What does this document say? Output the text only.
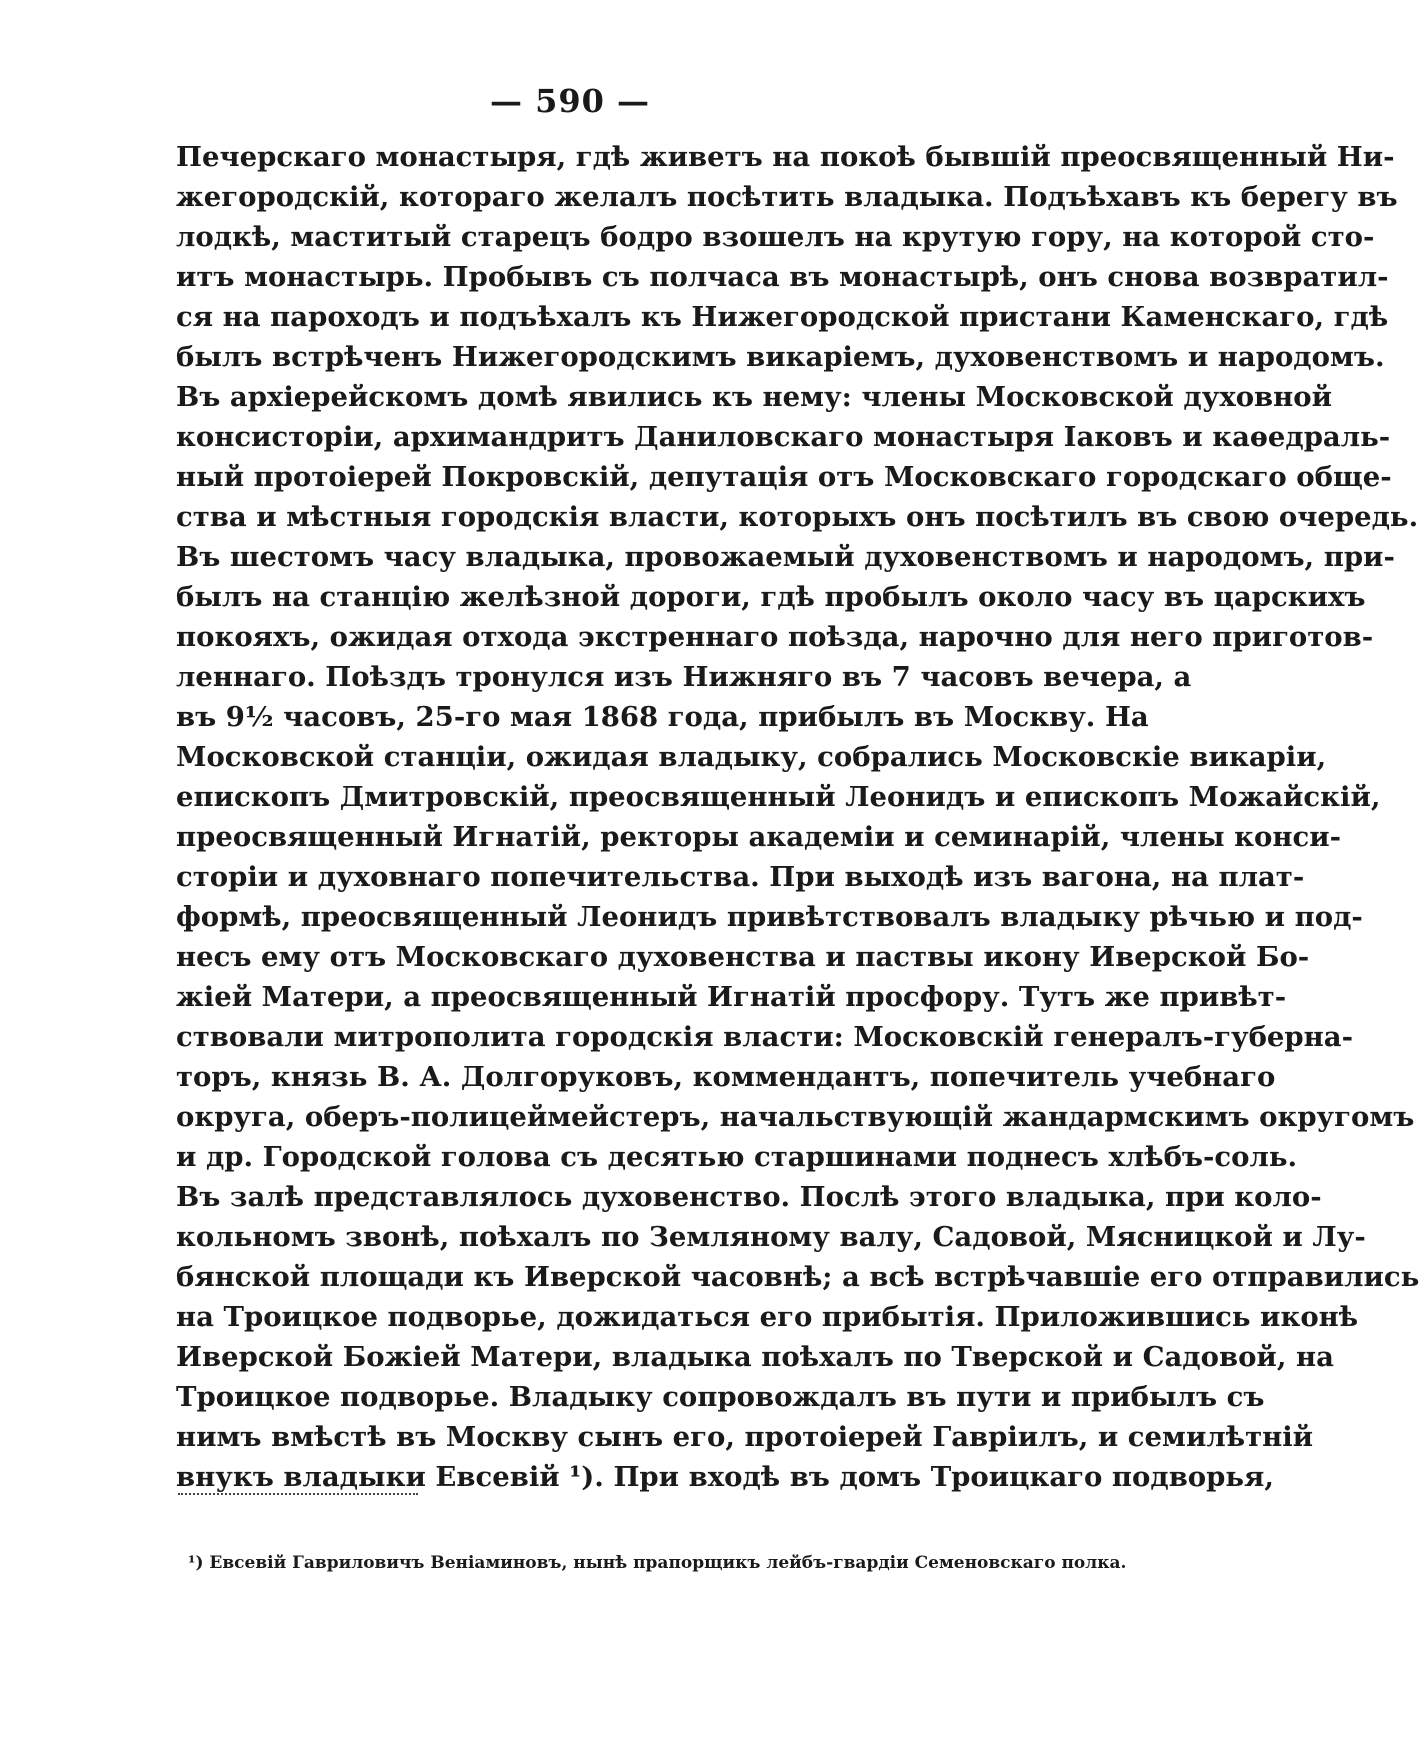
— 590 —
Печерскаго монастыря, гдѣ живетъ на покоѣ бывшій преосвященный Ни-
жегородскій, котораго желалъ посѣтить владыка. Подъѣхавъ къ берегу въ
лодкѣ, маститый старецъ бодро взошелъ на крутую гору, на которой сто-
итъ монастырь. Пробывъ съ полчаса въ монастырѣ, онъ снова возвратил-
ся на пароходъ и подъѣхалъ къ Нижегородской пристани Каменскаго, гдѣ
былъ встрѣченъ Нижегородскимъ викаріемъ, духовенствомъ и народомъ.
Въ архіерейскомъ домѣ явились къ нему: члены Московской духовной
консисторіи, архимандритъ Даниловскаго монастыря Іаковъ и каѳедраль-
ный протоіерей Покровскій, депутація отъ Московскаго городскаго обще-
ства и мѣстныя городскія власти, которыхъ онъ посѣтилъ въ свою очередь.
Въ шестомъ часу владыка, провожаемый духовенствомъ и народомъ, при-
былъ на станцію желѣзной дороги, гдѣ пробылъ около часу въ царскихъ
покояхъ, ожидая отхода экстреннаго поѣзда, нарочно для него приготов-
леннаго. Поѣздъ тронулся изъ Нижняго въ 7 часовъ вечера, а
въ 9½ часовъ, 25-го мая 1868 года, прибылъ въ Москву. На
Московской станціи, ожидая владыку, собрались Московскіе викаріи,
епископъ Дмитровскій, преосвященный Леонидъ и епископъ Можайскій,
преосвященный Игнатій, ректоры академіи и семинарій, члены конси-
сторіи и духовнаго попечительства. При выходѣ изъ вагона, на плат-
формѣ, преосвященный Леонидъ привѣтствовалъ владыку рѣчью и под-
несъ ему отъ Московскаго духовенства и паствы икону Иверской Бо-
жіей Матери, а преосвященный Игнатій просфору. Тутъ же привѣт-
ствовали митрополита городскія власти: Московскій генералъ-губерна-
торъ, князь В. А. Долгоруковъ, коммендантъ, попечитель учебнаго
округа, оберъ-полицеймейстеръ, начальствующій жандармскимъ округомъ
и др. Городской голова съ десятью старшинами поднесъ хлѣбъ-соль.
Въ залѣ представлялось духовенство. Послѣ этого владыка, при коло-
кольномъ звонѣ, поѣхалъ по Земляному валу, Садовой, Мясницкой и Лу-
бянской площади къ Иверской часовнѣ; а всѣ встрѣчавшіе его отправились
на Троицкое подворье, дожидаться его прибытія. Приложившись иконѣ
Иверской Божіей Матери, владыка поѣхалъ по Тверской и Садовой, на
Троицкое подворье. Владыку сопровождалъ въ пути и прибылъ съ
нимъ вмѣстѣ въ Москву сынъ его, протоіерей Гавріилъ, и семилѣтній
внукъ владыки Евсевій ¹). При входѣ въ домъ Троицкаго подворья,
¹) Евсевій Гавриловичъ Веніаминовъ, нынѣ прапорщикъ лейбъ-гвардіи Семеновскаго полка.
